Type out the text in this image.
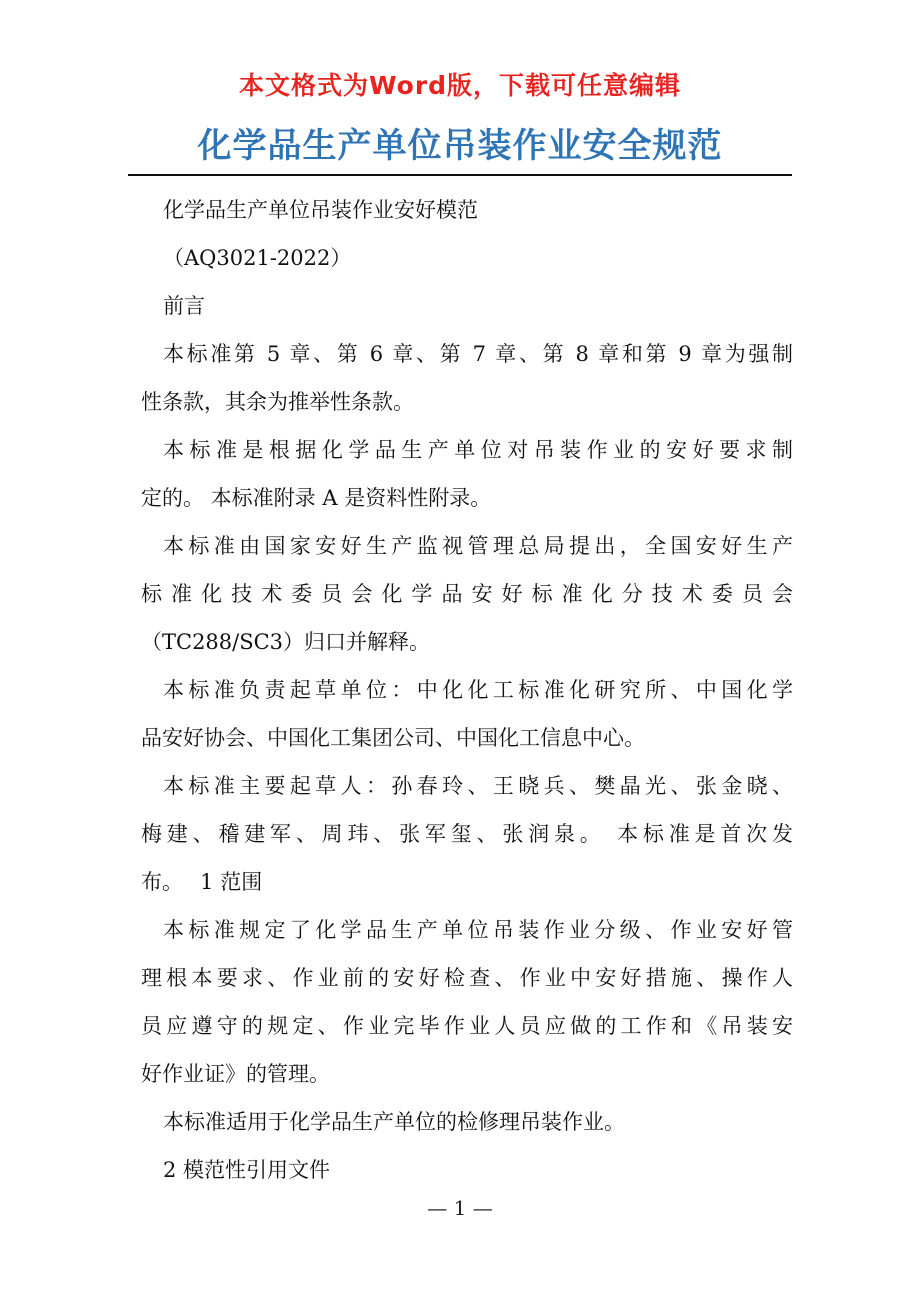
本文格式为Word版，下载可任意编辑
化学品生产单位吊装作业安全规范
化学品生产单位吊装作业安好模范
（AQ3021-2022）
前言
本标准第 5 章、第 6 章、第 7 章、第 8 章和第 9 章为强制
性条款，其余为推举性条款。
本标准是根据化学品生产单位对吊装作业的安好要求制
定的。 本标准附录 A 是资料性附录。
本标准由国家安好生产监视管理总局提出，全国安好生产
标准化技术委员会化学品安好标准化分技术委员会
（TC288/SC3）归口并解释。
本标准负责起草单位：中化化工标准化研究所、中国化学
品安好协会、中国化工集团公司、中国化工信息中心。
本标准主要起草人：孙春玲、王晓兵、樊晶光、张金晓、
梅建、稽建军、周玮、张军玺、张润泉。 本标准是首次发
布。　 1 范围
本标准规定了化学品生产单位吊装作业分级、作业安好管
理根本要求、作业前的安好检查、作业中安好措施、操作人
员应遵守的规定、作业完毕作业人员应做的工作和《吊装安
好作业证》的管理。
本标准适用于化学品生产单位的检修理吊装作业。
2 模范性引用文件
— 1 —
